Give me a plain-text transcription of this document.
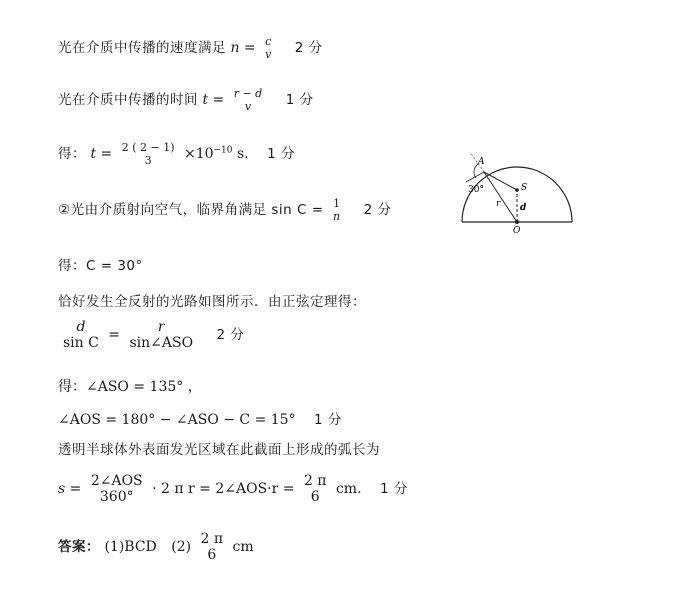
光在介质中传播的速度满足 n = c
v 2 分
光在介质中传播的时间 t = r − d
v	1 分
得： t = 2 ( 2 − 1)
3	$\times 10^{-10}$ s. 1 分
②光由介质射向空气，临界角满足 sin C = 1
n 2 分
A
S
O
r d
30°
得：C = 30°
恰好发生全反射的光路如图所示．由正弦定理得：
d
sin C =
r
sin∠ASO 2 分
得：∠ASO = 135° ，
∠AOS = 180° − ∠ASO − C = 15° 1 分
透明半球体外表面发光区域在此截面上形成的弧长为
s =
2∠AOS
360°	· 2 π r = 2∠AOS·r =
2 π
6	cm. 1 分
答案： (1)BCD (2)
2 π
6	cm
